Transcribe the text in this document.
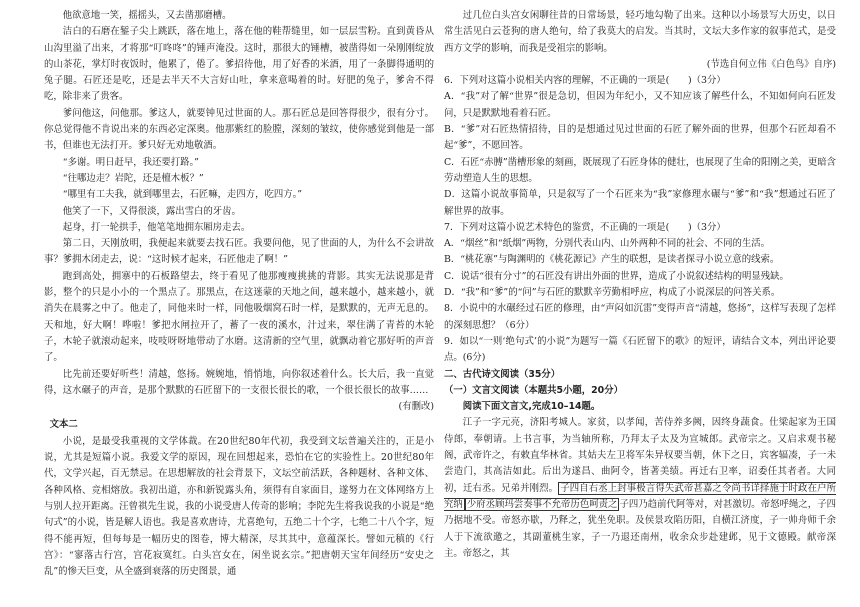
他欲意地一笑，摇摇头，又去凿那磨槽。

洁白的石磨在錾子尖上跳跃，落在地上，落在他的鞋帮缝里，如一层层雪粉。直到黄昏从山沟里溢了出来，才将那“叮咚咚”的锤声淹没。这时，那很大的锤槽，被凿得如一朵刚刚绽放的山茶花，掌灯时夜饭时，他累了，倦了。爹招待他，用了好香的米酒，用了一条脚得通明的兔子腿。石匠还是吃，还是去半天不大言好山吐，拿来意喝着的时。好肥的兔子，爹舍不得吃，除非来了贵客。

爹问他这，问他那。爹这人，就要钟见过世面的人。那石匠总是回答得很少，很有分寸。你总觉得他不肯说出来的东西必定深奥。他那紫红的脸膛，深刻的皱纹，使你感觉到他是一部书，但谁也无法打开。爹只好无劝地敬酒。

“多谢。明日赶早，我还要打路。”

“往哪边走？岩陀，还是檀木板？”

“哪里有工夫我，就到哪里去，石匠嘛，走四方，吃四方。”

他笑了一下，又得很淡，露出雪白的牙齿。

起身，打一轮拱手，他笔笔地拥东厢房走去。

第二日，天刚放明，我便起来就要去找石匠。我要问他，见了世面的人，为什么不会讲故事？爹拥木闭走去，说：“这时候才起来，石匠他走了啊！”

跑到高处，拥寨中的石板路望去，终于看见了他那瘦瘦挑挑的背影。其实无法说那是背影，整个的只是小小的一个黑点了。那黑点，在这迷蒙的天地之间，越来越小，越来越小，就消失在晨雾之中了。他走了，同他来时一样，同他吸烟窝石时一样，是默默的，无声无息的。天和地，好大啊！哗啦！爹把水闸拉开了，蓄了一夜的溪水，汁过来，翠住满了青苔的木轮子，木轮子就滚动起来，吱吱呀呀地带动了水磨。这清新的空气里，就飘动着它那好听的声音了。

比先前还要好听些！清越，悠扬。婉婉地，悄悄地，向你叙述着什么。长大后，我一直觉得，这水碾子的声音，是那个默默的石匠留下的一支很长很长的歌，一个很长很长的故事……

(有删改)

文本二

小说，是最受我重视的文学体裁。在20世纪80年代初，我受到文坛普遍关注的，正是小说，尤其是短篇小说。我爱文学的原因，现在回想起来，恐怕在它的实验性上。20世纪80年代，文学兴起，百无禁忌。在思想解放的社会背景下，文坛空前活跃，各种题材、各种文体、各种风格、竞相熔放。我初出道，亦和新锐露头角，须得有自家面目，遂努力在文体网络方上与别人拉开距离。汪曾祺先生说，我的小说受唐人传奇的影响；李陀先生将我说我的小说是“绝句式”的小说，皆是解人语也。我是喜欢唐诗，尤喜绝句，五绝二十个字，七绝二十八个字，短得不能再短，但每每是一幅历史的图卷，博大精深，尽其其中，意蕴深长。譬如元稹的《行宫》：“寥落古行宫，宫花寂寞红。白头宫女在，闲坐说玄宗。”把唐朝天宝年间经历“安史之乱”的惨天巨变，从全盛到衰落的历史图景，通

过几位白头宫女闲聊往昔的日常场景，轻巧地勾勒了出来。这种以小场景写大历史，以日常生活见白云苍狗的唐人绝句，给了我莫大的启发。当其时，文坛大多作家的叙事范式，是受西方文学的影响，而我是受祖宗的影响。

(节选自何立伟《白色鸟》自序)

6．下列对这篇小说相关内容的理解，不正确的一项是(　　)（3分）

A．“我”对了解“世界”很是急切，但因为年纪小，又不知应该了解些什么，不知如何向石匠发问，只是默默地看着石匠。

B．“爹”对石匠热情招待，目的是想通过见过世面的石匠了解外面的世界，但那个石匠却看不起“爹”，不愿回答。

C．石匠“赤膊”凿槽形象的刻画，既展现了石匠身体的健壮，也展现了生命的阳刚之美，更暗含劳动塑造人生的思想。

D．这篇小说故事简单，只是叙写了一个石匠来为“我”家修理水碾与“爹”和“我”想通过石匠了解世界的故事。

7．下列对这篇小说艺术特色的鉴赏，不正确的一项是(　　)（3分）

A．“烟丝”和“纸烟”两物，分别代表山内、山外两种不同的社会、不同的生活。

B．“桃花寨”与陶渊明的《桃花源记》产生的联想，是读者探寻小说立意的线索。

C．说话“很有分寸”的石匠没有讲出外面的世界，造成了小说叙述结构的明显残缺。

D．“我”和“爹”的“问”与石匠的默默辛劳勤相呼应，构成了小说深层的问答关系。

8．小说中的水碾经过石匠的修理，由“声闷如沉雷”变得声音“清越，悠扬”，这样写表现了怎样的深刻思想？（6分）

9．如以“一则‘绝句式’的小说”为题写一篇《石匠留下的歌》的短评，请结合文本，列出评论要点。(6分)

二、古代诗文阅读（35分）

（一）文言文阅读（本题共5小题，20分）

阅读下面文言文,完成10–14题。

江子一字元亮，济阳考城人。家贫，以孝闻，苦侍养多阙，因终身蔬食。仕梁起家为王国侍郎，奉朝请。上书言事，为当轴所称，乃拜太子太及为宣城郎。武帝宗之。又启求观书秘阁，武帝许之，有敕直华林省。其姑夫左卫将军朱异权要当朝，休下之日，宾客辐凑，子一未尝造门，其高洁如此。后出为遂昌、曲阿令，皆著美绩。再迁右卫率，诏委任其者者。大同初，迁右丞。兄弟并刚烈。 子四自右丞上封事极言得失武帝甚嘉之令尚书详择施于时政在户所究纳 少府丞顾玛尝奏事不允帝历色呵责之 子四乃趋前代阿等对，对甚激切。帝怒呼绳之，子四乃据地不受。帝怒亦歇，乃释之，犹坐免职。及侯景攻陷历阳，自横江济度，子一帅舟师千余人于下流欲邀之，其副董桃生家，子一乃退还南州，收余众步赴建邺，见于文德殿。献帝深主。帝怒之，其
